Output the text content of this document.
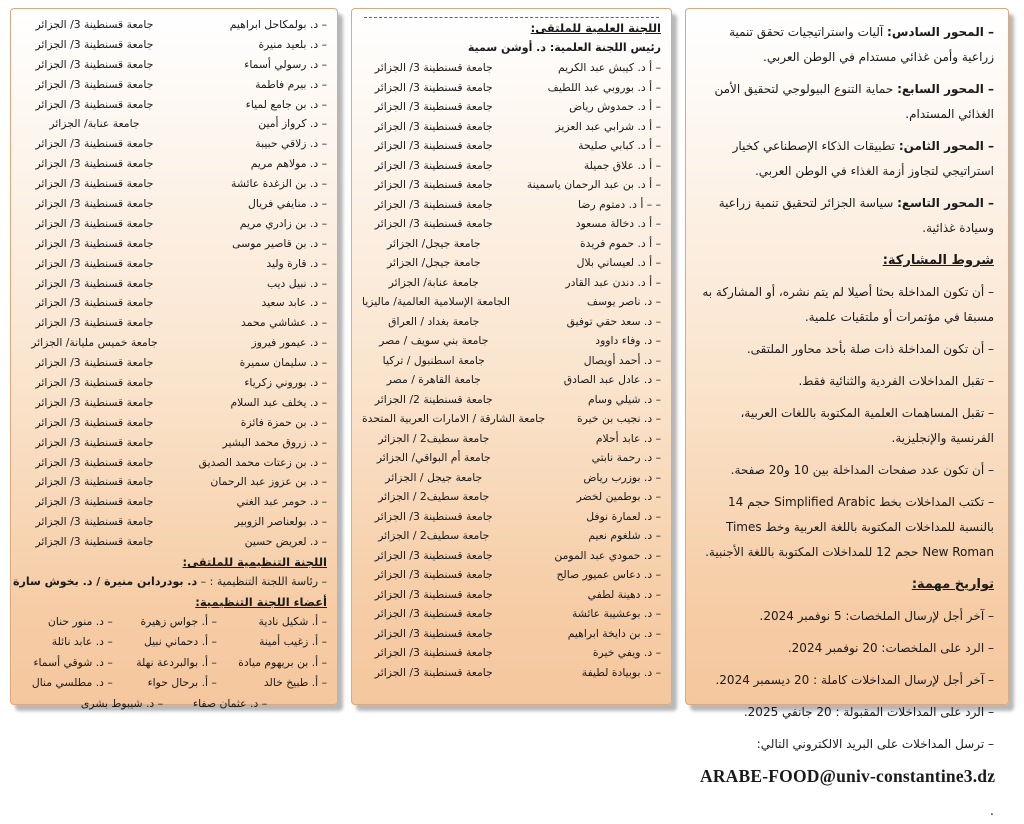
– د. بولمكاحل ابراهيم
جامعة قسنطينة 3/ الجزائر
– د. بلعيد منيرة
جامعة قسنطينة 3/ الجزائر
– د. رسولي أسماء
جامعة قسنطينة 3/ الجزائر
– د. بيرم فاطمة
جامعة قسنطينة 3/ الجزائر
– د. بن جامع لمياء
جامعة قسنطينة 3/ الجزائر
– د. كرواز أمين
جامعة عنابة/ الجزائر
– د. زلاقي حبيبة
جامعة قسنطينة 3/ الجزائر
– د. مولاهم مريم
جامعة قسنطينة 3/ الجزائر
– د. بن الزغدة عائشة
جامعة قسنطينة 3/ الجزائر
– د. منايفي فريال
جامعة قسنطينة 3/ الجزائر
– د. بن زادري مريم
جامعة قسنطينة 3/ الجزائر
– د. بن قاصير موسى
جامعة قسنطينة 3/ الجزائر
– د. قارة وليد
جامعة قسنطينة 3/ الجزائر
– د. نبيل ديب
جامعة قسنطينة 3/ الجزائر
– د. عابد سعيد
جامعة قسنطينة 3/ الجزائر
– د. عشاشي محمد
جامعة قسنطينة 3/ الجزائر
– د. عيمور فيروز
جامعة خميس مليانة/ الجزائر
– د. سليمان سميرة
جامعة قسنطينة 3/ الجزائر
– د. بوروني زكرياء
جامعة قسنطينة 3/ الجزائر
– د. يخلف عبد السلام
جامعة قسنطينة 3/ الجزائر
– د. بن حمزة فائزة
جامعة قسنطينة 3/ الجزائر
– د. زروق محمد البشير
جامعة قسنطينة 3/ الجزائر
– د. بن زعتات محمد الصديق
جامعة قسنطينة 3/ الجزائر
– د. بن عزوز عبد الرحمان
جامعة قسنطينة 3/ الجزائر
– د. حومر عبد الغني
جامعة قسنطينة 3/ الجزائر
– د. بولعناصر الزوبير
جامعة قسنطينة 3/ الجزائر
– د. لعريض حسين
جامعة قسنطينة 3/ الجزائر
اللجنة التنظيمية للملتقى:
– رئاسة اللجنة التنظيمية : – د. بودردابن منيرة / د. بخوش سارة
أعضاء اللجنة التنظيمية:
– أ. شكيل نادية
– أ. جواس زهيرة
– د. منور حنان
– أ. زغيب أمينة
– أ. دحماني نبيل
– د. عابد نائلة
– أ. بن بريهوم ميادة
– أ. بوالبردعة نهلة
– د. شوقي أسماء
– أ. طبيخ خالد
– أ. برحال حواء
– د. مطلسي منال
– د. عثمان صفاء
– د. شيبوط بشرى
اللجنة العلمية للملتقى:
رئيس اللجنة العلمية: د. أوشن سمية
– أ د. كيبش عبد الكريم
جامعة قسنطينة 3/ الجزائر
– أ د. بوروبي عبد اللطيف
جامعة قسنطينة 3/ الجزائر
– أ د. حمدوش رياض
جامعة قسنطينة 3/ الجزائر
– أ د. شرابي عبد العزيز
جامعة قسنطينة 3/ الجزائر
– أ د. كبابي صليحة
جامعة قسنطينة 3/ الجزائر
– أ د. علاق جميلة
جامعة قسنطينة 3/ الجزائر
– أ د. بن عبد الرحمان ياسمينة
جامعة قسنطينة 3/ الجزائر
– – أ د. دمتوم رضا
جامعة قسنطينة 3/ الجزائر
– أ د. دخالة مسعود
جامعة قسنطينة 3/ الجزائر
– أ د. حموم فريدة
جامعة جيجل/ الجزائر
– أ د. لعيساني بلال
جامعة جيجل/ الجزائر
– أ د. دندن عبد القادر
جامعة عنابة/ الجزائر
– د. ناصر يوسف
الجامعة الإسلامية العالمية/ ماليزيا
– د. سعد حقي توفيق
جامعة بغداد / العراق
– د. وفاء داوود
جامعة بني سويف / مصر
– د. أحمد أويصال
جامعة اسطنبول / تركيا
– د. عادل عبد الصادق
جامعة القاهرة / مصر
– د. شيلي وسام
جامعة قسنطينة 2/ الجزائر
– د. نجيب بن خيرة
جامعة الشارقة / الامارات العربية المتحدة
– د. عابد أحلام
جامعة سطيف2 / الجزائر
– د. رحمة نابتي
جامعة أم البواقي/ الجزائر
– د. بوزرب رياض
جامعة جيجل / الجزائر
– د. بوطمين لخضر
جامعة سطيف2 / الجزائر
– د. لعمارة نوفل
جامعة قسنطينة 3/ الجزائر
– د. شلغوم نعيم
جامعة سطيف2 / الجزائر
– د. حمودي عبد المومن
جامعة قسنطينة 3/ الجزائر
– د. دعاس عميور صالح
جامعة قسنطينة 3/ الجزائر
– د. دهينة لطفي
جامعة قسنطينة 3/ الجزائر
– د. بوعشيبة عائشة
جامعة قسنطينة 3/ الجزائر
– د. بن دايخة ابراهيم
جامعة قسنطينة 3/ الجزائر
– د. ويفي خيرة
جامعة قسنطينة 3/ الجزائر
– د. بوبيادة لطيفة
جامعة قسنطينة 3/ الجزائر

– المحور السادس: آليات واستراتيجيات تحقق تنمية زراعية وأمن غذائي مستدام في الوطن العربي.

– المحور السابع: حماية التنوع البيولوجي لتحقيق الأمن الغذائي المستدام.

– المحور الثامن: تطبيقات الذكاء الإصطناعي كخيار استراتيجي لتجاوز أزمة الغذاء في الوطن العربي.

– المحور التاسع: سياسة الجزائر لتحقيق تنمية زراعية وسيادة غذائية.

شروط المشاركة:

– أن تكون المداخلة بحثا أصيلا لم يتم نشره، أو المشاركة به مسبقا في مؤتمرات أو ملتقيات علمية.

– أن تكون المداخلة ذات صلة بأحد محاور الملتقى.

– تقبل المداخلات الفردية والثنائية فقط.

– تقبل المساهمات العلمية المكتوبة باللغات العربية، الفرنسية والإنجليزية.

– أن تكون عدد صفحات المداخلة بين 10 و20 صفحة.

– تكتب المداخلات بخط Simplified Arabic حجم 14 بالنسبة للمداخلات المكتوبة باللغة العربية وخط Times New Roman حجم 12 للمداخلات المكتوبة باللغة الأجنبية.

تواريخ مهمة:

– آخر أجل لإرسال الملخصات: 5 نوفمبر 2024.

– الرد على الملخصات: 20 نوفمبر 2024.

– آخر أجل لإرسال المداخلات كاملة : 20 ديسمبر 2024.

– الرد على المداخلات المقبولة : 20 جانفي 2025.

– ترسل المداخلات على البريد الالكتروني التالي:

ARABE-FOOD@univ-constantine3.dz
.
